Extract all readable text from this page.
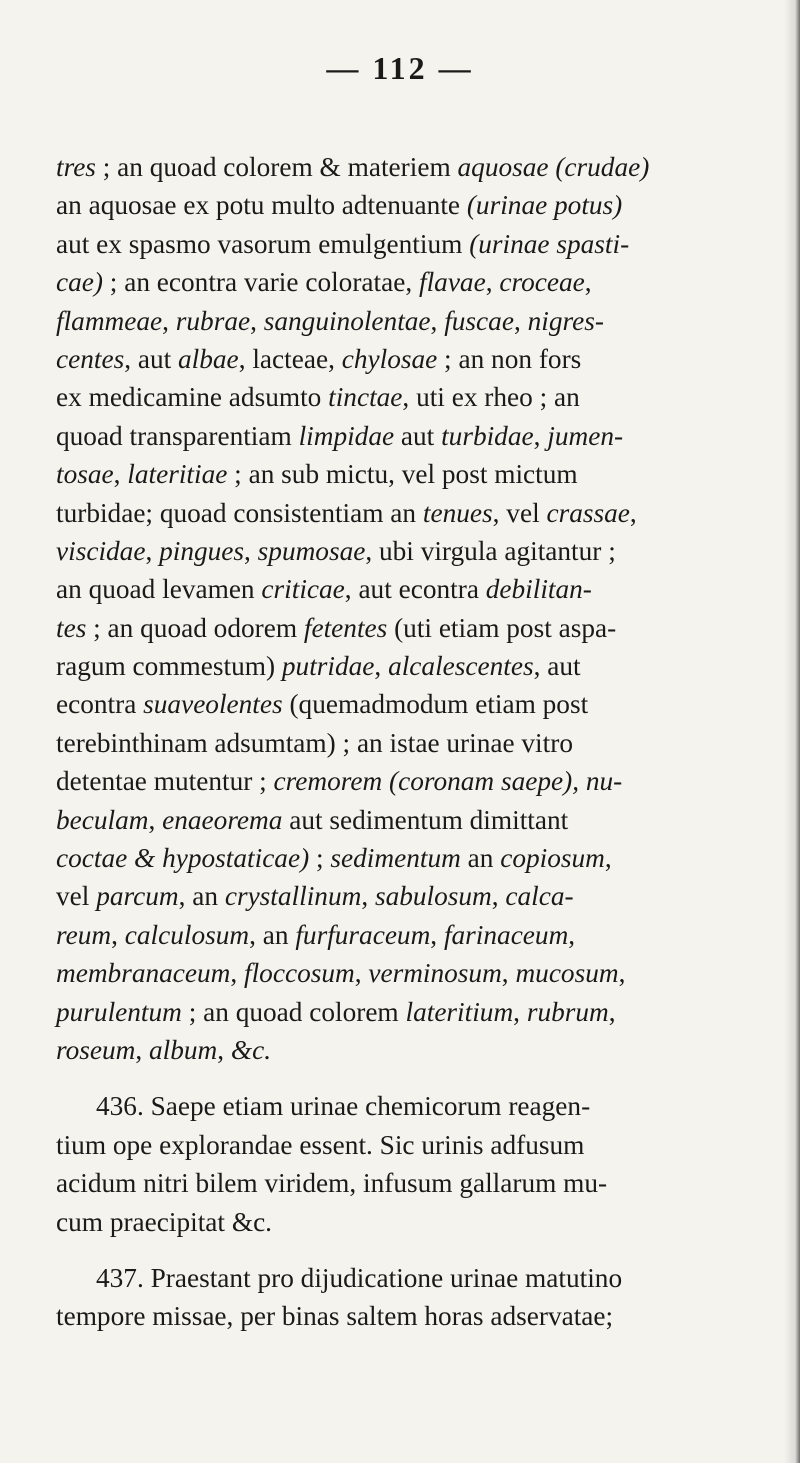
— 112 —
tres ; an quoad colorem & materiem aquosae (crudae)
an aquosae ex potu multo adtenuante (urinae potus)
aut ex spasmo vasorum emulgentium (urinae spasti-
cae) ; an econtra varie coloratae, flavae, croceae,
flammeae, rubrae, sanguinolentae, fuscae, nigres-
centes, aut albae, lacteae, chylosae ; an non fors
ex medicamine adsumto tinctae, uti ex rheo ; an
quoad transparentiam limpidae aut turbidae, jumen-
tosae, lateritiae ; an sub mictu, vel post mictum
turbidae; quoad consistentiam an tenues, vel crassae,
viscidae, pingues, spumosae, ubi virgula agitantur ;
an quoad levamen criticae, aut econtra debilitan-
tes ; an quoad odorem fetentes (uti etiam post aspa-
ragum commestum) putridae, alcalescentes, aut
econtra suaveolentes (quemadmodum etiam post
terebinthinam adsumtam) ; an istae urinae vitro
detentae mutentur ; cremorem (coronam saepe), nu-
beculam, enaeorema aut sedimentum dimittant
coctae & hypostaticae) ; sedimentum an copiosum,
vel parcum, an crystallinum, sabulosum, calca-
reum, calculosum, an furfuraceum, farinaceum,
membranaceum, floccosum, verminosum, mucosum,
purulentum ; an quoad colorem lateritium, rubrum,
roseum, album, &c.
436. Saepe etiam urinae chemicorum reagen-
tium ope explorandae essent. Sic urinis adfusum
acidum nitri bilem viridem, infusum gallarum mu-
cum praecipitat &c.
437. Praestant pro dijudicatione urinae matutino
tempore missae, per binas saltem horas adservatae;
